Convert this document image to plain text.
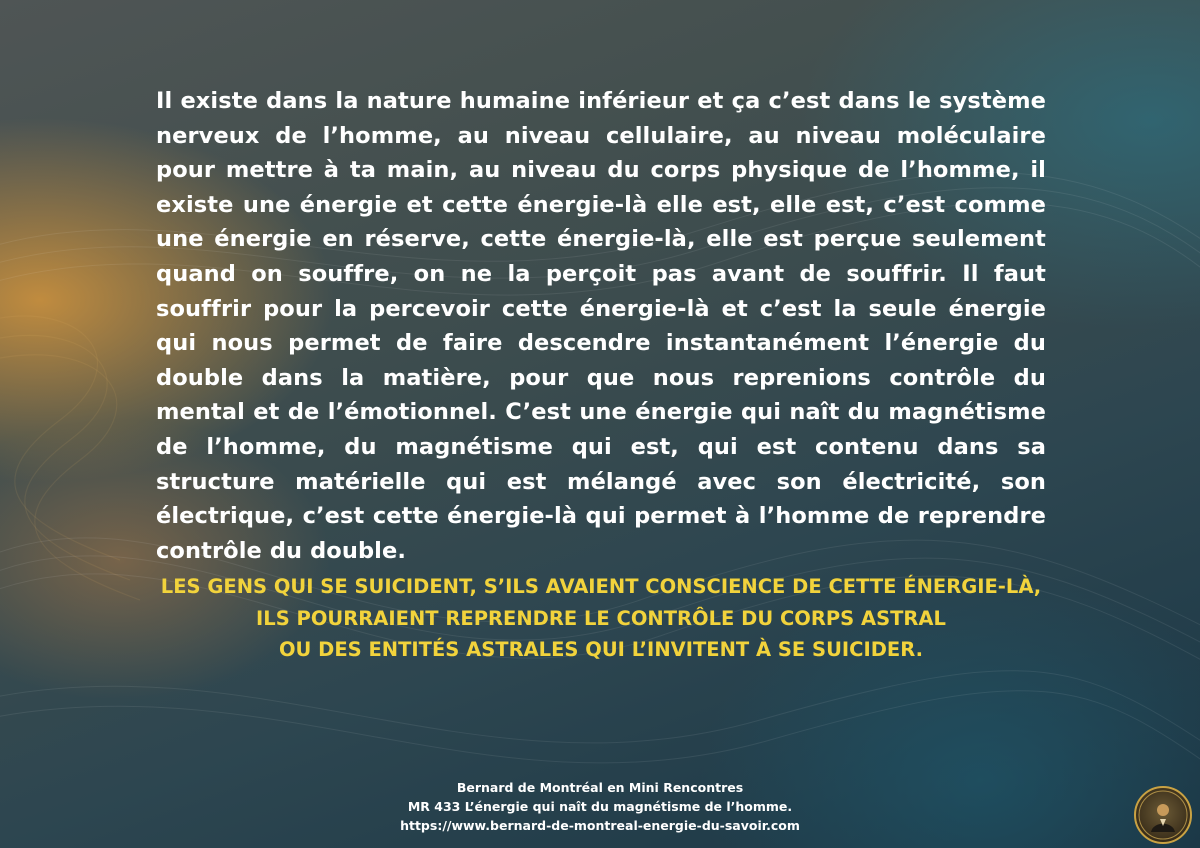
Il existe dans la nature humaine inférieur et ça c’est dans le système nerveux de l’homme, au niveau cellulaire, au niveau moléculaire pour mettre à ta main, au niveau du corps physique de l’homme, il existe une énergie et cette énergie-là elle est, elle est, c’est comme une énergie en réserve, cette énergie-là, elle est perçue seulement quand on souffre, on ne la perçoit pas avant de souffrir. Il faut souffrir pour la percevoir cette énergie-là et c’est la seule énergie qui nous permet de faire descendre instantanément l’énergie du double dans la matière, pour que nous reprenions contrôle du mental et de l’émotionnel. C’est une énergie qui naît du magnétisme de l’homme, du magnétisme qui est, qui est contenu dans sa structure matérielle qui est mélangé avec son électricité, son électrique, c’est cette énergie-là qui permet à l’homme de reprendre contrôle du double.

LES GENS QUI SE SUICIDENT, S’ILS AVAIENT CONSCIENCE DE CETTE ÉNERGIE-LÀ,
ILS POURRAIENT REPRENDRE LE CONTRÔLE DU CORPS ASTRAL
OU DES ENTITÉS ASTRALES QUI L’INVITENT À SE SUICIDER.
Bernard de Montréal en Mini Rencontres
MR 433 L’énergie qui naît du magnétisme de l’homme.
https://www.bernard-de-montreal-energie-du-savoir.com
